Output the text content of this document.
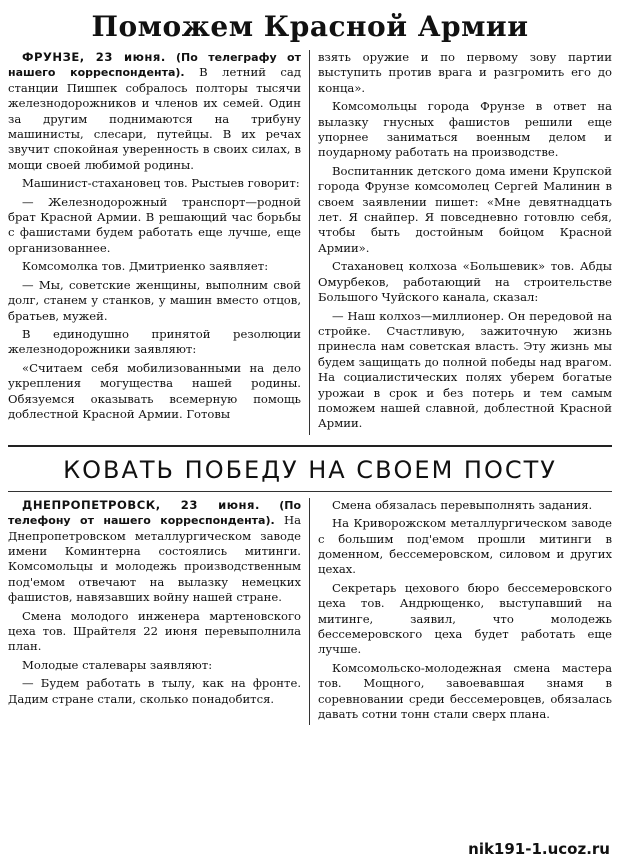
Поможем Красной Армии

ФРУНЗЕ, 23 июня. (По телеграфу от нашего корреспондента). В летний сад станции Пишпек собралось полторы тысячи железнодорожников и членов их семей. Один за другим поднимаются на трибуну машинисты, слесари, путейцы. В их речах звучит спокойная уверенность в своих силах, в мощи своей любимой родины.

Машинист-стахановец тов. Рыстыев говорит:

— Железнодорожный транспорт—родной брат Красной Армии. В решающий час борьбы с фашистами будем работать еще лучше, еще организованнее.

Комсомолка тов. Дмитриенко заявляет:

— Мы, советские женщины, выполним свой долг, станем у станков, у машин вместо отцов, братьев, мужей.

В единодушно принятой резолюции железнодорожники заявляют:

«Считаем себя мобилизованными на дело укрепления могущества нашей родины. Обязуемся оказывать всемерную помощь доблестной Красной Армии. Готовы

взять оружие и по первому зову партии выступить против врага и разгромить его до конца».

Комсомольцы города Фрунзе в ответ на вылазку гнусных фашистов решили еще упорнее заниматься военным делом и поударному работать на производстве.

Воспитанник детского дома имени Крупской города Фрунзе комсомолец Сергей Малинин в своем заявлении пишет: «Мне девятнадцать лет. Я снайпер. Я повседневно готовлю себя, чтобы быть достойным бойцом Красной Армии».

Стахановец колхоза «Большевик» тов. Абды Омурбеков, работающий на строительстве Большого Чуйского канала, сказал:

— Наш колхоз—миллионер. Он передовой на стройке. Счастливую, зажиточную жизнь принесла нам советская власть. Эту жизнь мы будем защищать до полной победы над врагом. На социалистических полях уберем богатые урожаи в срок и без потерь и тем самым поможем нашей славной, доблестной Красной Армии.

КОВАТЬ ПОБЕДУ НА СВОЕМ ПОСТУ

ДНЕПРОПЕТРОВСК, 23 июня. (По телефону от нашего корреспондента). На Днепропетровском металлургическом заводе имени Коминтерна состоялись митинги. Комсомольцы и молодежь производственным под'емом отвечают на вылазку немецких фашистов, навязавших войну нашей стране.

Смена молодого инженера мартеновского цеха тов. Шрайтеля 22 июня перевыполнила план.

Молодые сталевары заявляют:

— Будем работать в тылу, как на фронте. Дадим стране стали, сколько понадобится.

Смена обязалась перевыполнять задания.

На Криворожском металлургическом заводе с большим под'емом прошли митинги в доменном, бессемеровском, силовом и других цехах.

Секретарь цехового бюро бессемеровского цеха тов. Андрющенко, выступавший на митинге, заявил, что молодежь бессемеровского цеха будет работать еще лучше.

Комсомольско-молодежная смена мастера тов. Мощного, завоевавшая знамя в соревновании среди бессемеровцев, обязалась давать сотни тонн стали сверх плана.

nik191-1.ucoz.ru
